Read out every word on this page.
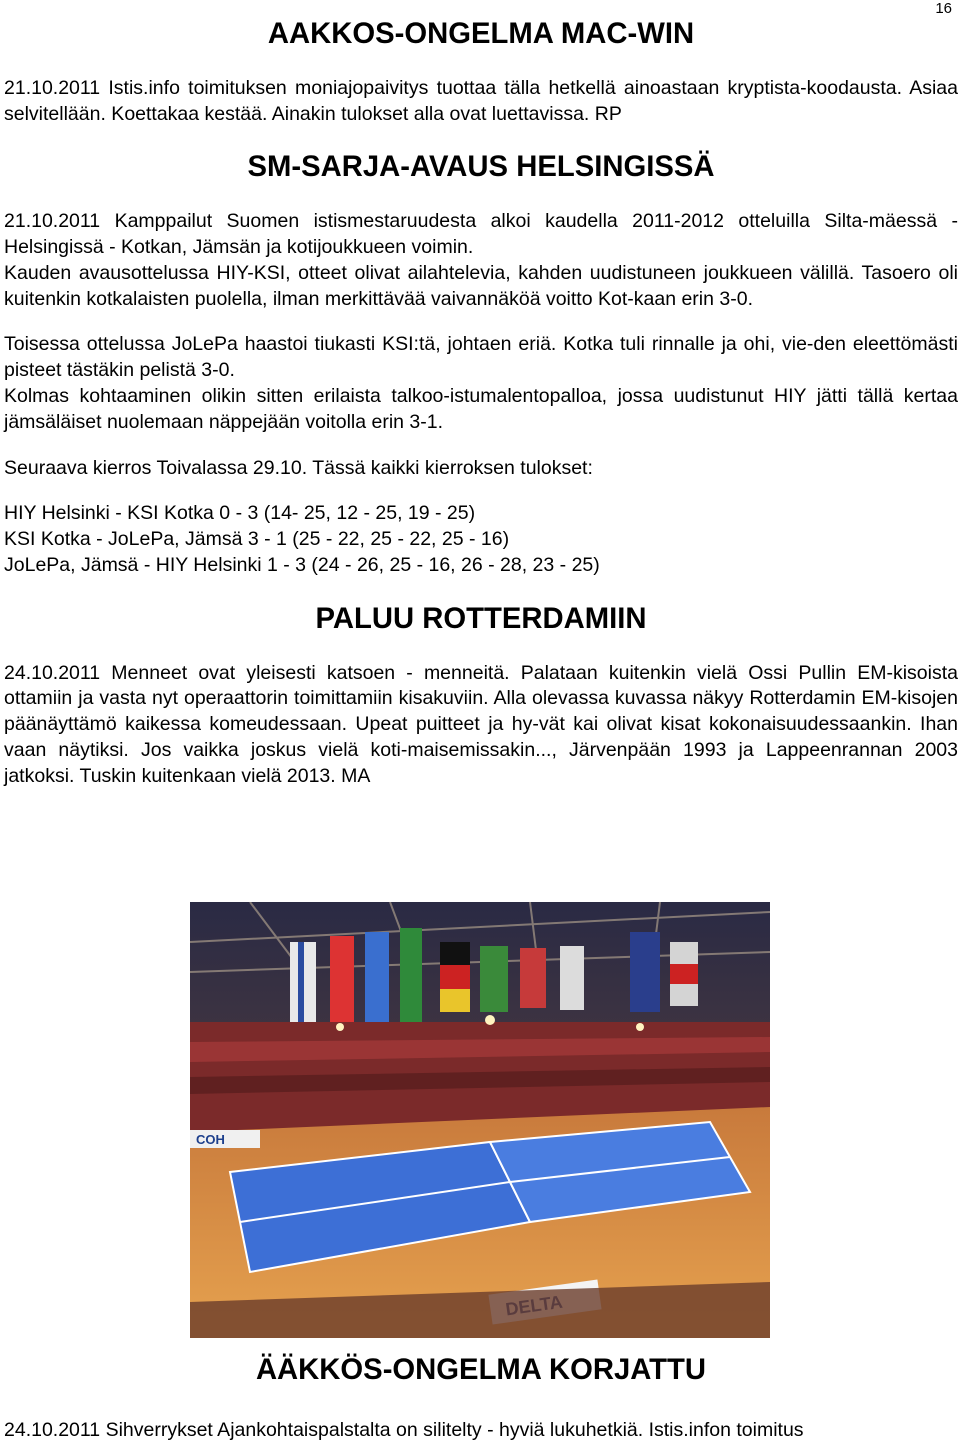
16
AAKKOS-ONGELMA MAC-WIN

21.10.2011 Istis.info toimituksen moniajopaivitys tuottaa tälla hetkellä ainoastaan kryptista-koodausta. Asiaa selvitellään. Koettakaa kestää. Ainakin tulokset alla ovat luettavissa. RP

SM-SARJA-AVAUS HELSINGISSÄ

21.10.2011 Kamppailut Suomen istismestaruudesta alkoi kaudella 2011-2012 otteluilla Silta-mäessä - Helsingissä - Kotkan, Jämsän ja kotijoukkueen voimin.

Kauden avausottelussa HIY-KSI, otteet olivat ailahtelevia, kahden uudistuneen joukkueen välillä. Tasoero oli kuitenkin kotkalaisten puolella, ilman merkittävää vaivannäköä voitto Kot-kaan erin 3-0.

Toisessa ottelussa JoLePa haastoi tiukasti KSI:tä, johtaen eriä. Kotka tuli rinnalle ja ohi, vie-den eleettömästi pisteet tästäkin pelistä 3-0.

Kolmas kohtaaminen olikin sitten erilaista talkoo-istumalentopalloa, jossa uudistunut HIY jätti tällä kertaa jämsäläiset nuolemaan näppejään voitolla erin 3-1.

Seuraava kierros Toivalassa 29.10. Tässä kaikki kierroksen tulokset:

HIY Helsinki - KSI Kotka 0 - 3 (14- 25, 12 - 25, 19 - 25)

KSI Kotka - JoLePa, Jämsä 3 - 1 (25 - 22, 25 - 22, 25 - 16)

JoLePa, Jämsä - HIY Helsinki 1 - 3 (24 - 26, 25 - 16, 26 - 28, 23 - 25)

PALUU ROTTERDAMIIN

24.10.2011 Menneet ovat yleisesti katsoen - menneitä. Palataan kuitenkin vielä Ossi Pullin EM-kisoista ottamiin ja vasta nyt operaattorin toimittamiin kisakuviin. Alla olevassa kuvassa näkyy Rotterdamin EM-kisojen päänäyttämö kaikessa komeudessaan. Upeat puitteet ja hy-vät kai olivat kisat kokonaisuudessaankin. Ihan vaan näytiksi. Jos vaikka joskus vielä koti-maisemissakin..., Järvenpään 1993 ja Lappeenrannan 2003 jatkoksi. Tuskin kuitenkaan vielä 2013. MA

COH
ÄÄKKÖS-ONGELMA KORJATTU

24.10.2011 Sihverrykset Ajankohtaispalstalta on silitelty - hyviä lukuhetkiä. Istis.infon toimitus
